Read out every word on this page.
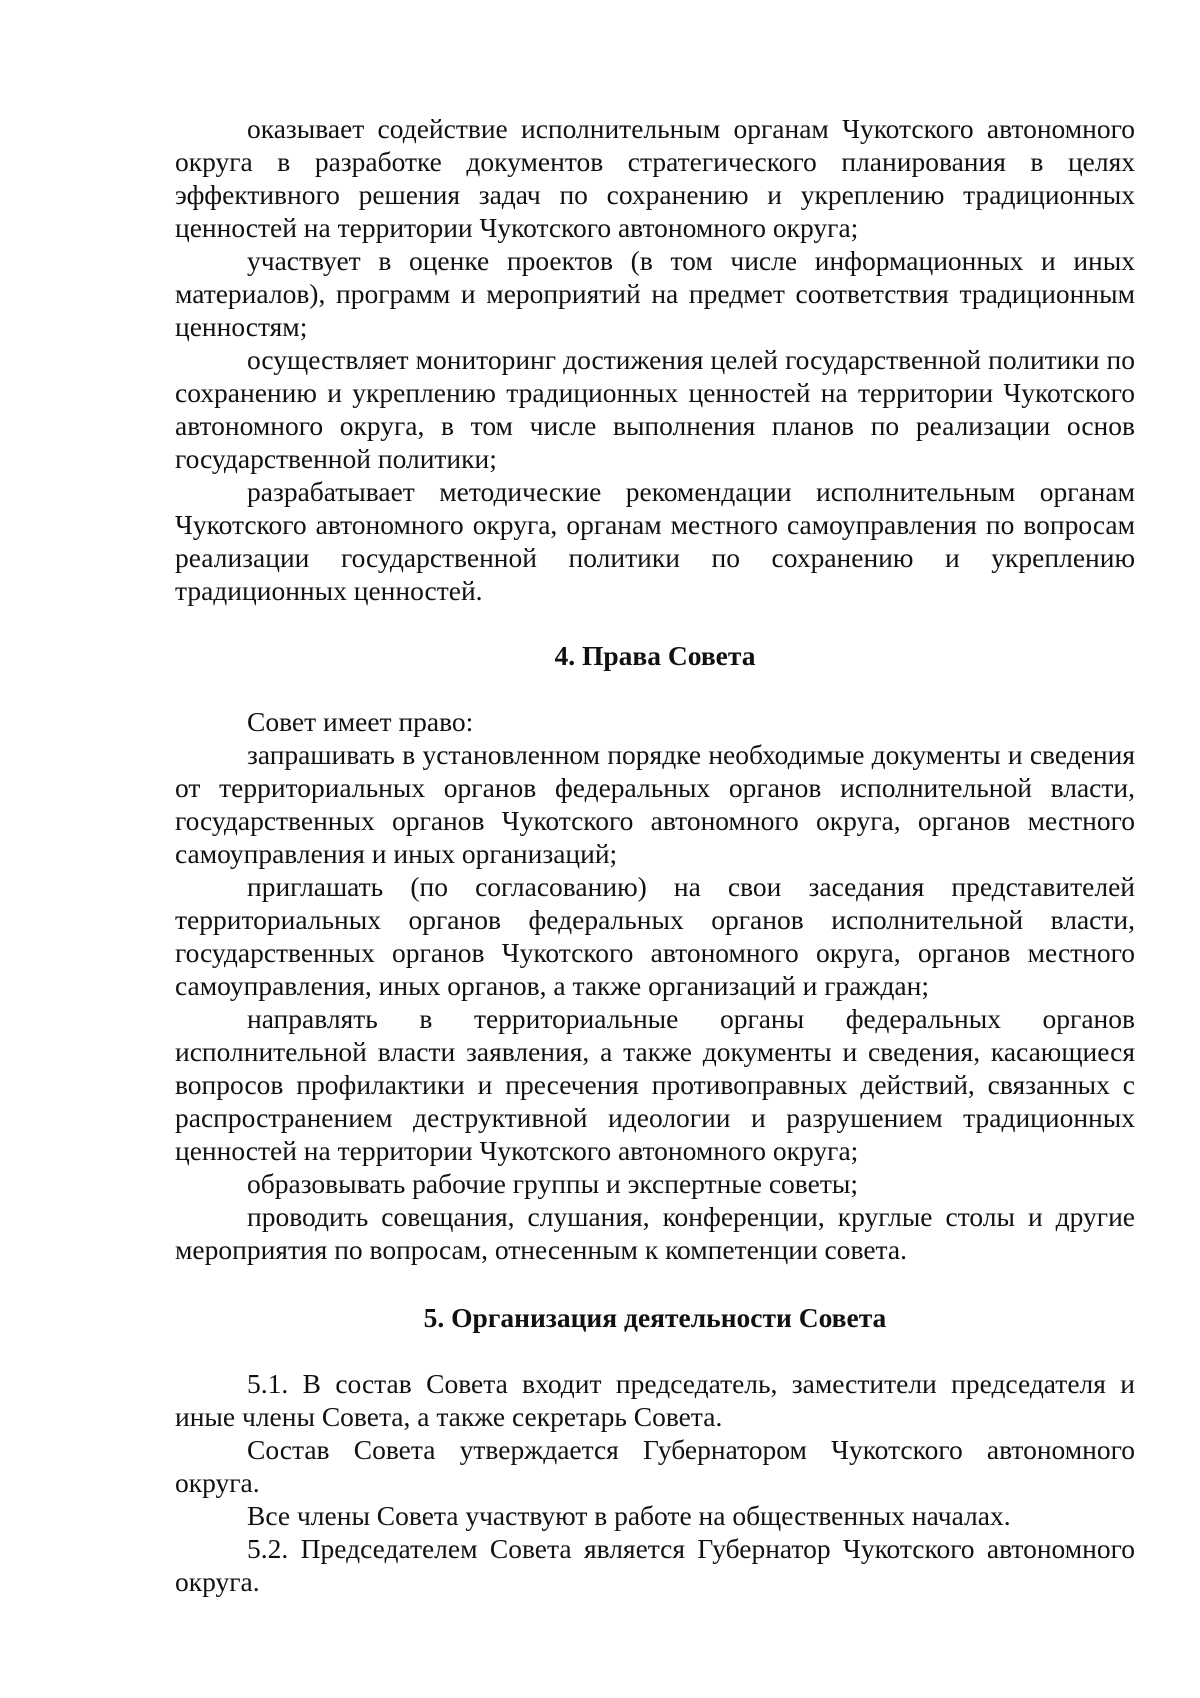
оказывает содействие исполнительным органам Чукотского автономного округа в разработке документов стратегического планирования в целях эффективного решения задач по сохранению и укреплению традиционных ценностей на территории Чукотского автономного округа;

участвует в оценке проектов (в том числе информационных и иных материалов), программ и мероприятий на предмет соответствия традиционным ценностям;

осуществляет мониторинг достижения целей государственной политики по сохранению и укреплению традиционных ценностей на территории Чукотского автономного округа, в том числе выполнения планов по реализации основ государственной политики;

разрабатывает методические рекомендации исполнительным органам Чукотского автономного округа, органам местного самоуправления по вопросам реализации государственной политики по сохранению и укреплению традиционных ценностей.

4. Права Совета

Совет имеет право:

запрашивать в установленном порядке необходимые документы и сведения от территориальных органов федеральных органов исполнительной власти, государственных органов Чукотского автономного округа, органов местного самоуправления и иных организаций;

приглашать (по согласованию) на свои заседания представителей территориальных органов федеральных органов исполнительной власти, государственных органов Чукотского автономного округа, органов местного самоуправления, иных органов, а также организаций и граждан;

направлять в территориальные органы федеральных органов исполнительной власти заявления, а также документы и сведения, касающиеся вопросов профилактики и пресечения противоправных действий, связанных с распространением деструктивной идеологии и разрушением традиционных ценностей на территории Чукотского автономного округа;

образовывать рабочие группы и экспертные советы;

проводить совещания, слушания, конференции, круглые столы и другие мероприятия по вопросам, отнесенным к компетенции совета.

5. Организация деятельности Совета

5.1. В состав Совета входит председатель, заместители председателя и иные члены Совета, а также секретарь Совета.

Состав Совета утверждается Губернатором Чукотского автономного округа.

Все члены Совета участвуют в работе на общественных началах.

5.2. Председателем Совета является Губернатор Чукотского автономного округа.
